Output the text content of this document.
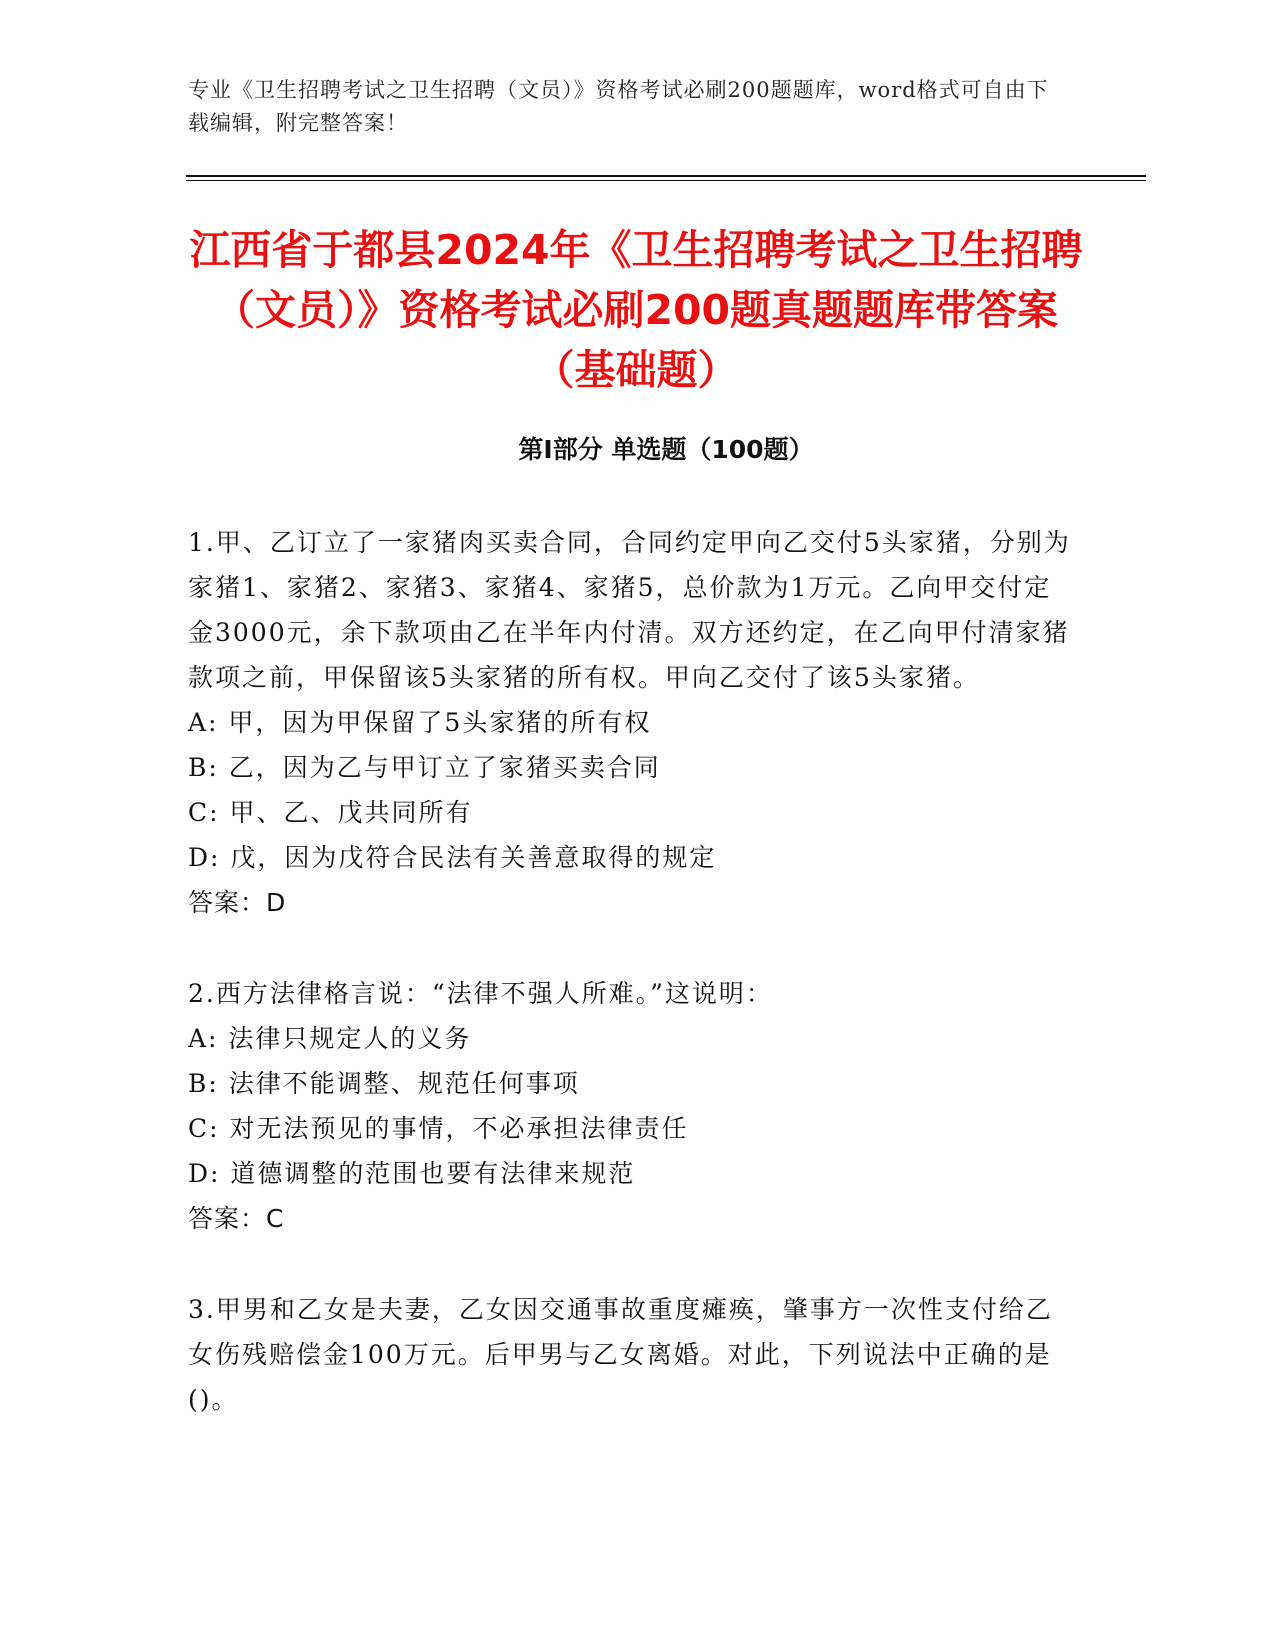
专业《卫生招聘考试之卫生招聘（文员）》资格考试必刷200题题库，word格式可自由下载编辑，附完整答案！
江西省于都县2024年《卫生招聘考试之卫生招聘（文员）》资格考试必刷200题真题题库带答案（基础题）
第Ⅰ部分 单选题（100题）

1.甲、乙订立了一家猪肉买卖合同，合同约定甲向乙交付5头家猪，分别为家猪1、家猪2、家猪3、家猪4、家猪5，总价款为1万元。乙向甲交付定金3000元，余下款项由乙在半年内付清。双方还约定，在乙向甲付清家猪款项之前，甲保留该5头家猪的所有权。甲向乙交付了该5头家猪。

A: 甲，因为甲保留了5头家猪的所有权

B: 乙，因为乙与甲订立了家猪买卖合同

C: 甲、乙、戊共同所有

D: 戊，因为戊符合民法有关善意取得的规定

答案：D

2.西方法律格言说：“法律不强人所难。”这说明：

A: 法律只规定人的义务

B: 法律不能调整、规范任何事项

C: 对无法预见的事情，不必承担法律责任

D: 道德调整的范围也要有法律来规范

答案：C

3.甲男和乙女是夫妻，乙女因交通事故重度瘫痪，肇事方一次性支付给乙女伤残赔偿金100万元。后甲男与乙女离婚。对此，下列说法中正确的是()。
